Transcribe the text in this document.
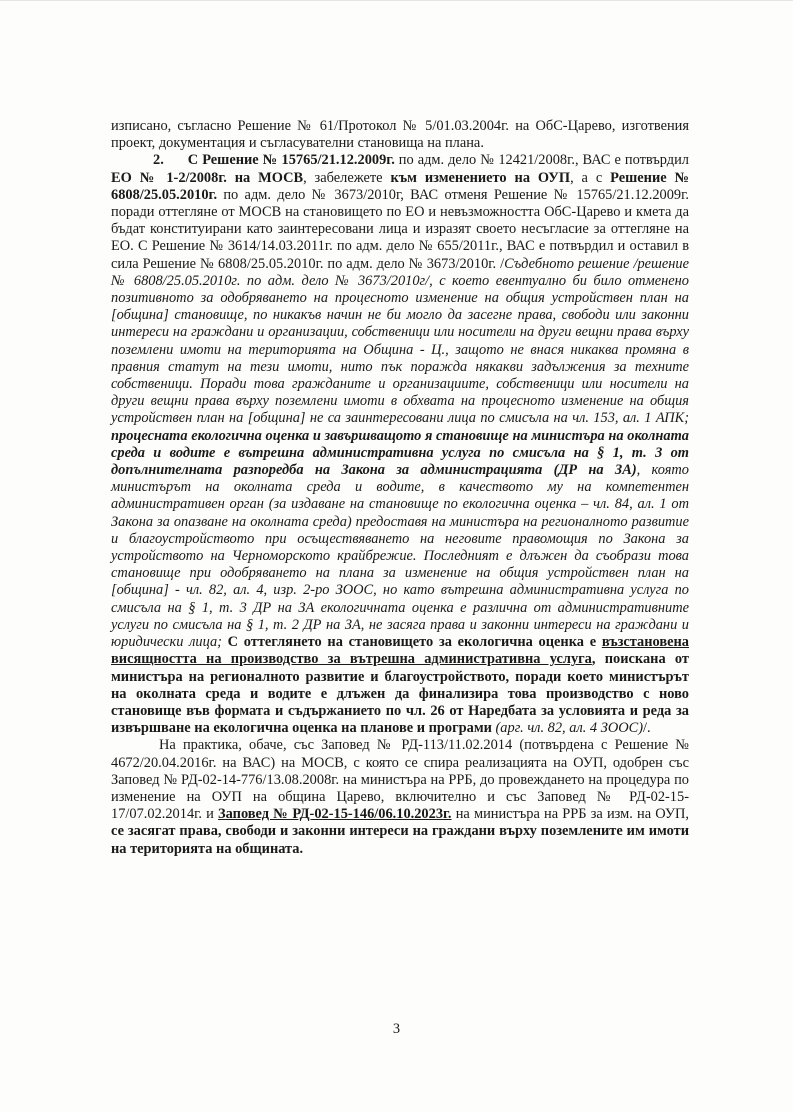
изписано, съгласно Решение № 61/Протокол № 5/01.03.2004г. на ОбС-Царево, изготвения проект, документация и съгласувателни становища на плана.

2. С Решение № 15765/21.12.2009г. по адм. дело № 12421/2008г., ВАС е потвърдил ЕО № 1-2/2008г. на МОСВ, забележете към изменението на ОУП, а с Решение № 6808/25.05.2010г. по адм. дело № 3673/2010г, ВАС отменя Решение № 15765/21.12.2009г. поради оттегляне от МОСВ на становището по ЕО и невъзможността ОбС-Царево и кмета да бъдат конституирани като заинтересовани лица и изразят своето несъгласие за оттегляне на ЕО. С Решение № 3614/14.03.2011г. по адм. дело № 655/2011г., ВАС е потвърдил и оставил в сила Решение № 6808/25.05.2010г. по адм. дело № 3673/2010г. /Съдебното решение /решение № 6808/25.05.2010г. по адм. дело № 3673/2010г/, с което евентуално би било отменено позитивното за одобряването на процесното изменение на общия устройствен план на [община] становище, по никакъв начин не би могло да засегне права, свободи или законни интереси на граждани и организации, собственици или носители на други вещни права върху поземлени имоти на територията на Община - Ц., защото не внася никаква промяна в правния статут на тези имоти, нито пък поражда някакви задължения за техните собственици. Поради това гражданите и организациите, собственици или носители на други вещни права върху поземлени имоти в обхвата на процесното изменение на общия устройствен план на [община] не са заинтересовани лица по смисъла на чл. 153, ал. 1 АПК; процесната екологична оценка и завършващото я становище на министъра на околната среда и водите е вътрешна административна услуга по смисъла на § 1, т. 3 от допълнителната разпоредба на Закона за администрацията (ДР на ЗА), която министърът на околната среда и водите, в качеството му на компетентен административен орган (за издаване на становище по екологична оценка – чл. 84, ал. 1 от Закона за опазване на околната среда) предоставя на министъра на регионалното развитие и благоустройството при осъществяването на неговите правомощия по Закона за устройството на Черноморското крайбрежие. Последният е длъжен да съобрази това становище при одобряването на плана за изменение на общия устройствен план на [община] - чл. 82, ал. 4, изр. 2-ро ЗООС, но като вътрешна административна услуга по смисъла на § 1, т. 3 ДР на ЗА екологичната оценка е различна от административните услуги по смисъла на § 1, т. 2 ДР на ЗА, не засяга права и законни интереси на граждани и юридически лица; С оттеглянето на становището за екологична оценка е възстановена висящността на производство за вътрешна административна услуга, поискана от министъра на регионалното развитие и благоустройството, поради което министърът на околната среда и водите е длъжен да финализира това производство с ново становище във формата и съдържанието по чл. 26 от Наредбата за условията и реда за извършване на екологична оценка на планове и програми (арг. чл. 82, ал. 4 ЗООС)/.

На практика, обаче, със Заповед № РД-113/11.02.2014 (потвърдена с Решение № 4672/20.04.2016г. на ВАС) на МОСВ, с която се спира реализацията на ОУП, одобрен със Заповед № РД-02-14-776/13.08.2008г. на министъра на РРБ, до провеждането на процедура по изменение на ОУП на община Царево, включително и със Заповед № РД-02-15-17/07.02.2014г. и Заповед № РД-02-15-146/06.10.2023г. на министъра на РРБ за изм. на ОУП, се засягат права, свободи и законни интереси на граждани върху поземлените им имоти на територията на общината.

3
